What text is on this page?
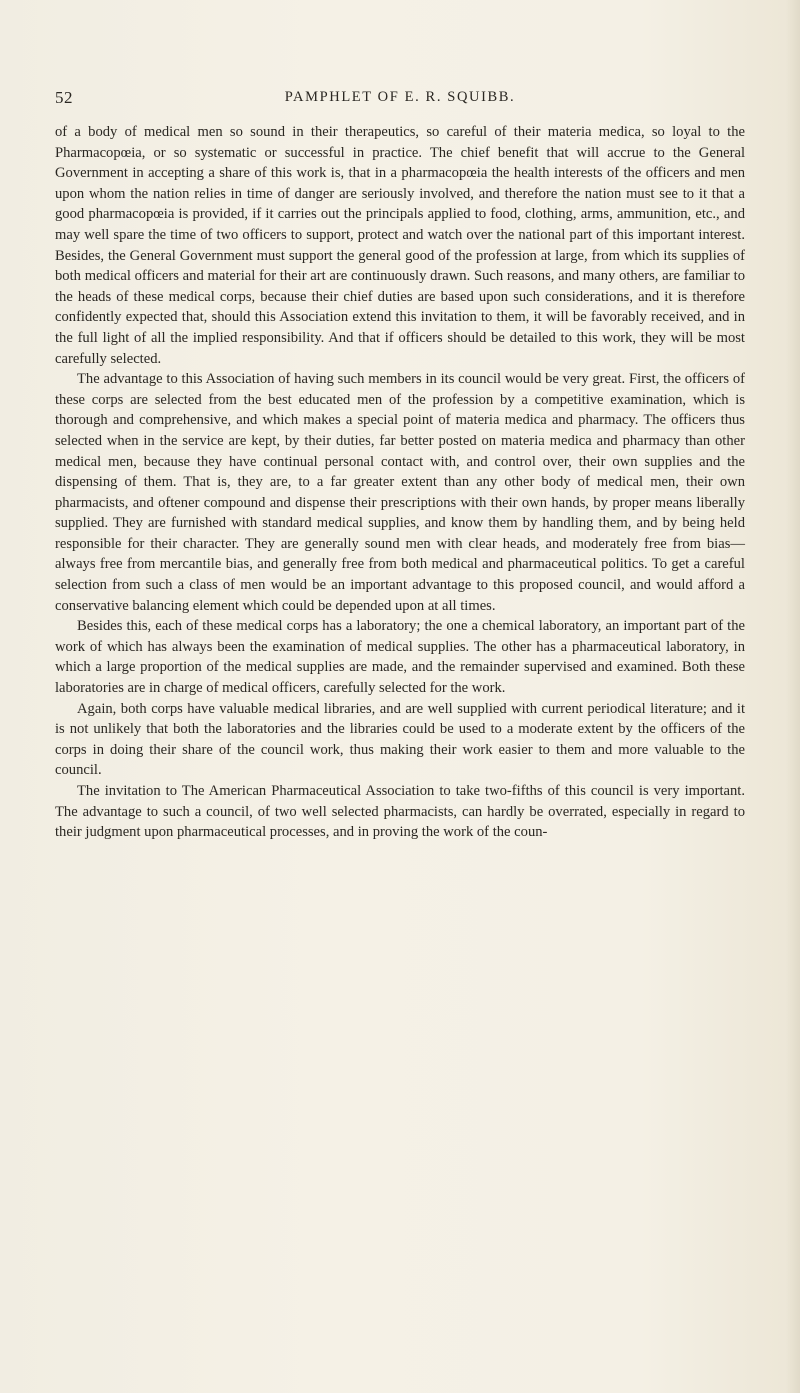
52	PAMPHLET OF E. R. SQUIBB.

of a body of medical men so sound in their therapeutics, so careful of their materia medica, so loyal to the Pharmacopœia, or so systematic or successful in practice. The chief benefit that will accrue to the General Government in accepting a share of this work is, that in a pharmacopœia the health interests of the officers and men upon whom the nation relies in time of danger are seriously involved, and therefore the nation must see to it that a good pharmacopœia is provided, if it carries out the principals applied to food, clothing, arms, ammunition, etc., and may well spare the time of two officers to support, protect and watch over the national part of this important interest. Besides, the General Government must support the general good of the profession at large, from which its supplies of both medical officers and material for their art are continuously drawn. Such reasons, and many others, are familiar to the heads of these medical corps, because their chief duties are based upon such considerations, and it is therefore confidently expected that, should this Association extend this invitation to them, it will be favorably received, and in the full light of all the implied responsibility. And that if officers should be detailed to this work, they will be most carefully selected.

The advantage to this Association of having such members in its council would be very great. First, the officers of these corps are selected from the best educated men of the profession by a competitive examination, which is thorough and comprehensive, and which makes a special point of materia medica and pharmacy. The officers thus selected when in the service are kept, by their duties, far better posted on materia medica and pharmacy than other medical men, because they have continual personal contact with, and control over, their own supplies and the dispensing of them. That is, they are, to a far greater extent than any other body of medical men, their own pharmacists, and oftener compound and dispense their prescriptions with their own hands, by proper means liberally supplied. They are furnished with standard medical supplies, and know them by handling them, and by being held responsible for their character. They are generally sound men with clear heads, and moderately free from bias—always free from mercantile bias, and generally free from both medical and pharmaceutical politics. To get a careful selection from such a class of men would be an important advantage to this proposed council, and would afford a conservative balancing element which could be depended upon at all times.

Besides this, each of these medical corps has a laboratory; the one a chemical laboratory, an important part of the work of which has always been the examination of medical supplies. The other has a pharmaceutical laboratory, in which a large proportion of the medical supplies are made, and the remainder supervised and examined. Both these laboratories are in charge of medical officers, carefully selected for the work.

Again, both corps have valuable medical libraries, and are well supplied with current periodical literature; and it is not unlikely that both the laboratories and the libraries could be used to a moderate extent by the officers of the corps in doing their share of the council work, thus making their work easier to them and more valuable to the council.

The invitation to The American Pharmaceutical Association to take two-fifths of this council is very important. The advantage to such a council, of two well selected pharmacists, can hardly be overrated, especially in regard to their judgment upon pharmaceutical processes, and in proving the work of the coun-
